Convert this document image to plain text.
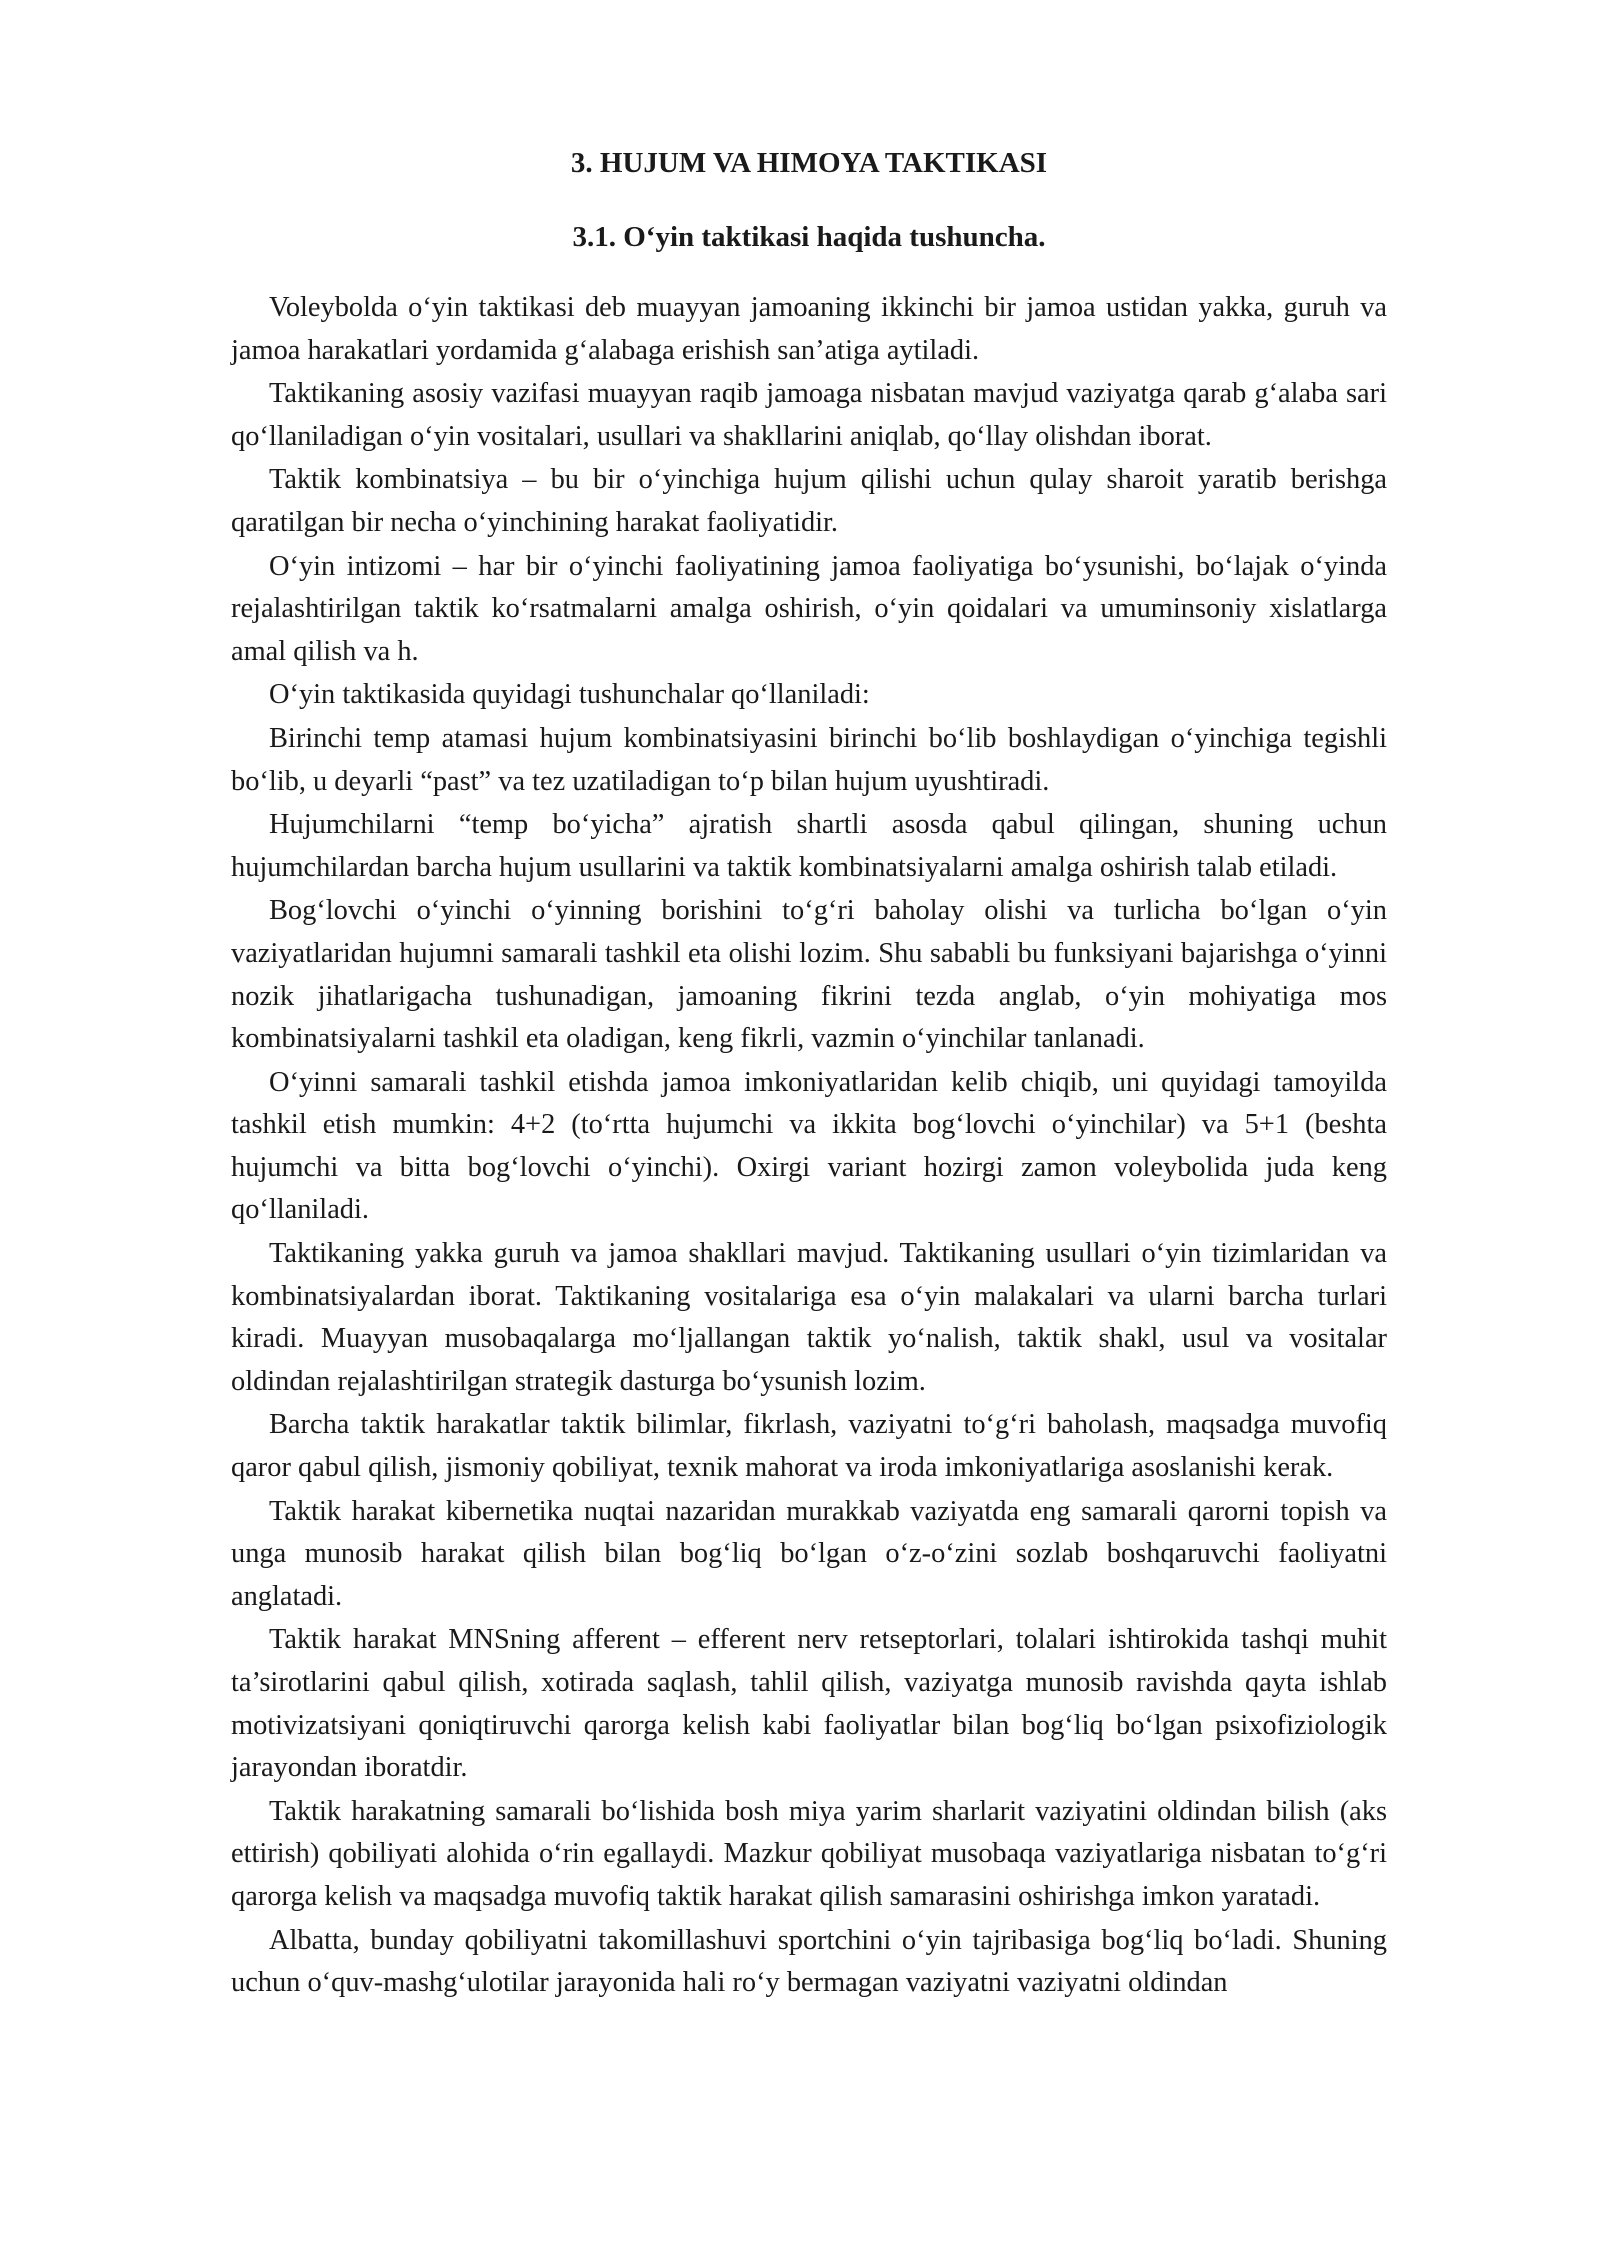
3. HUJUM VA HIMOYA TAKTIKASI
3.1. O‘yin taktikasi haqida tushuncha.

Voleybolda o‘yin taktikasi deb muayyan jamoaning ikkinchi bir jamoa ustidan yakka, guruh va jamoa harakatlari yordamida g‘alabaga erishish san’atiga aytiladi.

Taktikaning asosiy vazifasi muayyan raqib jamoaga nisbatan mavjud vaziyatga qarab g‘alaba sari qo‘llaniladigan o‘yin vositalari, usullari va shakllarini aniqlab, qo‘llay olishdan iborat.

Taktik kombinatsiya – bu bir o‘yinchiga hujum qilishi uchun qulay sharoit yaratib berishga qaratilgan bir necha o‘yinchining harakat faoliyatidir.

O‘yin intizomi – har bir o‘yinchi faoliyatining jamoa faoliyatiga bo‘ysunishi, bo‘lajak o‘yinda rejalashtirilgan taktik ko‘rsatmalarni amalga oshirish, o‘yin qoidalari va umuminsoniy xislatlarga amal qilish va h.

O‘yin taktikasida quyidagi tushunchalar qo‘llaniladi:

Birinchi temp atamasi hujum kombinatsiyasini birinchi bo‘lib boshlaydigan o‘yinchiga tegishli bo‘lib, u deyarli “past” va tez uzatiladigan to‘p bilan hujum uyushtiradi.

Hujumchilarni “temp bo‘yicha” ajratish shartli asosda qabul qilingan, shuning uchun hujumchilardan barcha hujum usullarini va taktik kombinatsiyalarni amalga oshirish talab etiladi.

Bog‘lovchi o‘yinchi o‘yinning borishini to‘g‘ri baholay olishi va turlicha bo‘lgan o‘yin vaziyatlaridan hujumni samarali tashkil eta olishi lozim. Shu sababli bu funksiyani bajarishga o‘yinni nozik jihatlarigacha tushunadigan, jamoaning fikrini tezda anglab, o‘yin mohiyatiga mos kombinatsiyalarni tashkil eta oladigan, keng fikrli, vazmin o‘yinchilar tanlanadi.

O‘yinni samarali tashkil etishda jamoa imkoniyatlaridan kelib chiqib, uni quyidagi tamoyilda tashkil etish mumkin: 4+2 (to‘rtta hujumchi va ikkita bog‘lovchi o‘yinchilar) va 5+1 (beshta hujumchi va bitta bog‘lovchi o‘yinchi). Oxirgi variant hozirgi zamon voleybolida juda keng qo‘llaniladi.

Taktikaning yakka guruh va jamoa shakllari mavjud. Taktikaning usullari o‘yin tizimlaridan va kombinatsiyalardan iborat. Taktikaning vositalariga esa o‘yin malakalari va ularni barcha turlari kiradi. Muayyan musobaqalarga mo‘ljallangan taktik yo‘nalish, taktik shakl, usul va vositalar oldindan rejalashtirilgan strategik dasturga bo‘ysunish lozim.

Barcha taktik harakatlar taktik bilimlar, fikrlash, vaziyatni to‘g‘ri baholash, maqsadga muvofiq qaror qabul qilish, jismoniy qobiliyat, texnik mahorat va iroda imkoniyatlariga asoslanishi kerak.

Taktik harakat kibernetika nuqtai nazaridan murakkab vaziyatda eng samarali qarorni topish va unga munosib harakat qilish bilan bog‘liq bo‘lgan o‘z-o‘zini sozlab boshqaruvchi faoliyatni anglatadi.

Taktik harakat MNSning afferent – efferent nerv retseptorlari, tolalari ishtirokida tashqi muhit ta’sirotlarini qabul qilish, xotirada saqlash, tahlil qilish, vaziyatga munosib ravishda qayta ishlab motivizatsiyani qoniqtiruvchi qarorga kelish kabi faoliyatlar bilan bog‘liq bo‘lgan psixofiziologik jarayondan iboratdir.

Taktik harakatning samarali bo‘lishida bosh miya yarim sharlarit vaziyatini oldindan bilish (aks ettirish) qobiliyati alohida o‘rin egallaydi. Mazkur qobiliyat musobaqa vaziyatlariga nisbatan to‘g‘ri qarorga kelish va maqsadga muvofiq taktik harakat qilish samarasini oshirishga imkon yaratadi.

Albatta, bunday qobiliyatni takomillashuvi sportchini o‘yin tajribasiga bog‘liq bo‘ladi. Shuning uchun o‘quv-mashg‘ulotilar jarayonida hali ro‘y bermagan vaziyatni vaziyatni oldindan
